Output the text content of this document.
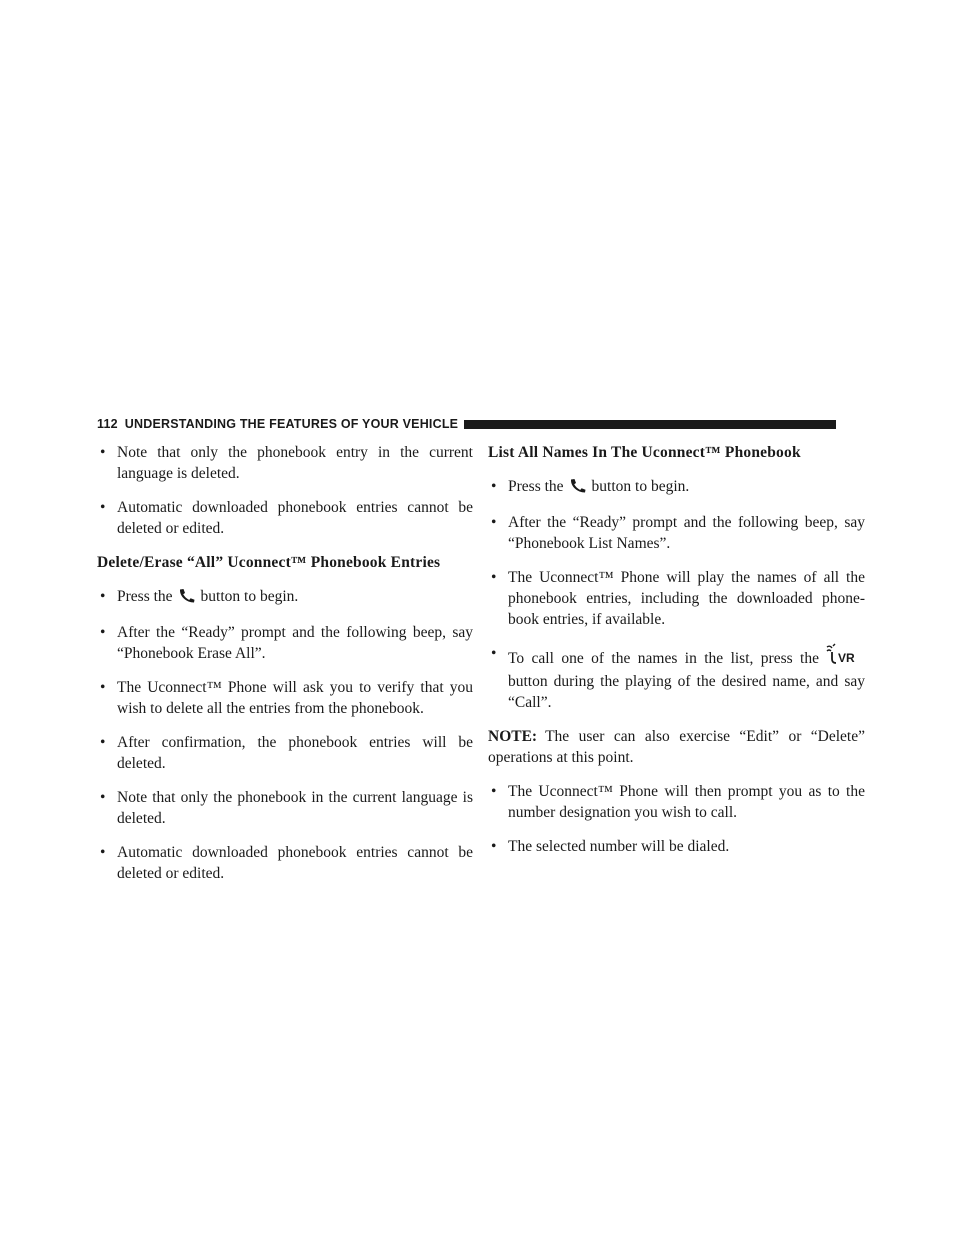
112 UNDERSTANDING THE FEATURES OF YOUR VEHICLE

• Note that only the phonebook entry in the current language is deleted.

• Automatic downloaded phonebook entries cannot be deleted or edited.

Delete/Erase “All” Uconnect™ Phonebook Entries

• Press the button to begin.

• After the “Ready” prompt and the following beep, say “Phonebook Erase All”.

• The Uconnect™ Phone will ask you to verify that you wish to delete all the entries from the phonebook.

• After confirmation, the phonebook entries will be deleted.

• Note that only the phonebook in the current language is deleted.

• Automatic downloaded phonebook entries cannot be deleted or edited.

List All Names In The Uconnect™ Phonebook

• Press the button to begin.

• After the “Ready” prompt and the following beep, say “Phonebook List Names”.

• The Uconnect™ Phone will play the names of all the phonebook entries, including the downloaded phone-book entries, if available.

• To call one of the names in the list, press the VR
button during the playing of the desired name, and say “Call”.

NOTE: The user can also exercise “Edit” or “Delete” operations at this point.

• The Uconnect™ Phone will then prompt you as to the number designation you wish to call.

• The selected number will be dialed.
